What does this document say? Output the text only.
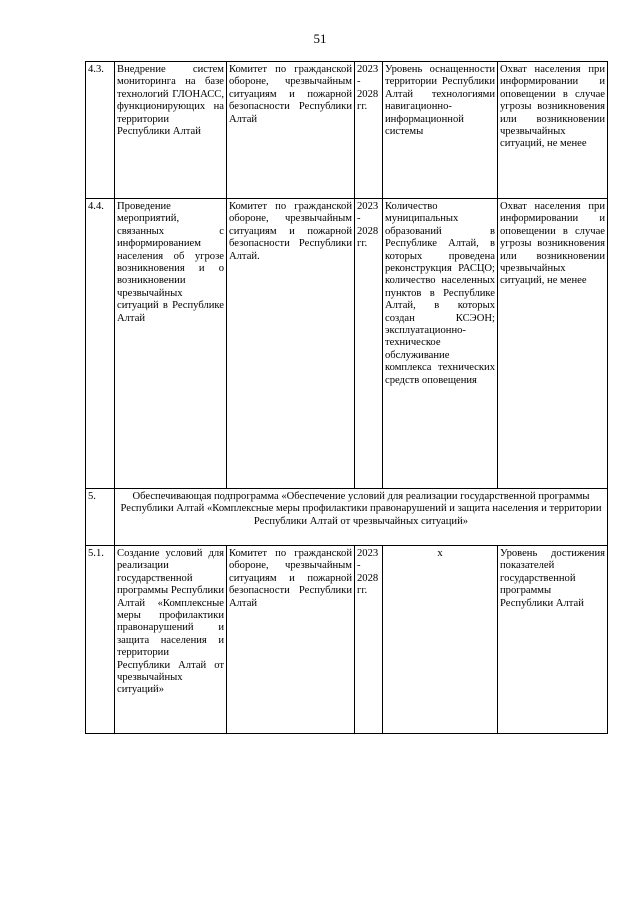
51
4.3.	Внедрение систем мониторинга на базе технологий ГЛОНАСС, функционирующих на территории Республики Алтай	Комитет по гражданской обороне, чрезвычайным ситуациям и пожарной безопасности Республики Алтай	2023 - 2028 гг.	Уровень оснащенности территории Республики Алтай технологиями навигационно-информационной системы	Охват населения при информировании и оповещении в случае угрозы возникновения или возникновении чрезвычайных ситуаций, не менее
4.4.	Проведение мероприятий, связанных с информированием населения об угрозе возникновения и о возникновении чрезвычайных ситуаций в Республике Алтай	Комитет по гражданской обороне, чрезвычайным ситуациям и пожарной безопасности Республики Алтай.	2023 - 2028 гг.	Количество муниципальных образований в Республике Алтай, в которых проведена реконструкция РАСЦО; количество населенных пунктов в Республике Алтай, в которых создан КСЭОН; эксплуатационно-техническое обслуживание комплекса технических средств оповещения	Охват населения при информировании и оповещении в случае угрозы возникновения или возникновении чрезвычайных ситуаций, не менее
5.	Обеспечивающая подпрограмма «Обеспечение условий для реализации государственной программы Республики Алтай «Комплексные меры профилактики правонарушений и защита населения и территории Республики Алтай от чрезвычайных ситуаций»				
5.1.	Создание условий для реализации государственной программы Республики Алтай «Комплексные меры профилактики правонарушений и защита населения и территории Республики Алтай от чрезвычайных ситуаций»	Комитет по гражданской обороне, чрезвычайным ситуациям и пожарной безопасности Республики Алтай	2023 - 2028 гг.	х	Уровень достижения показателей государственной программы Республики Алтай
